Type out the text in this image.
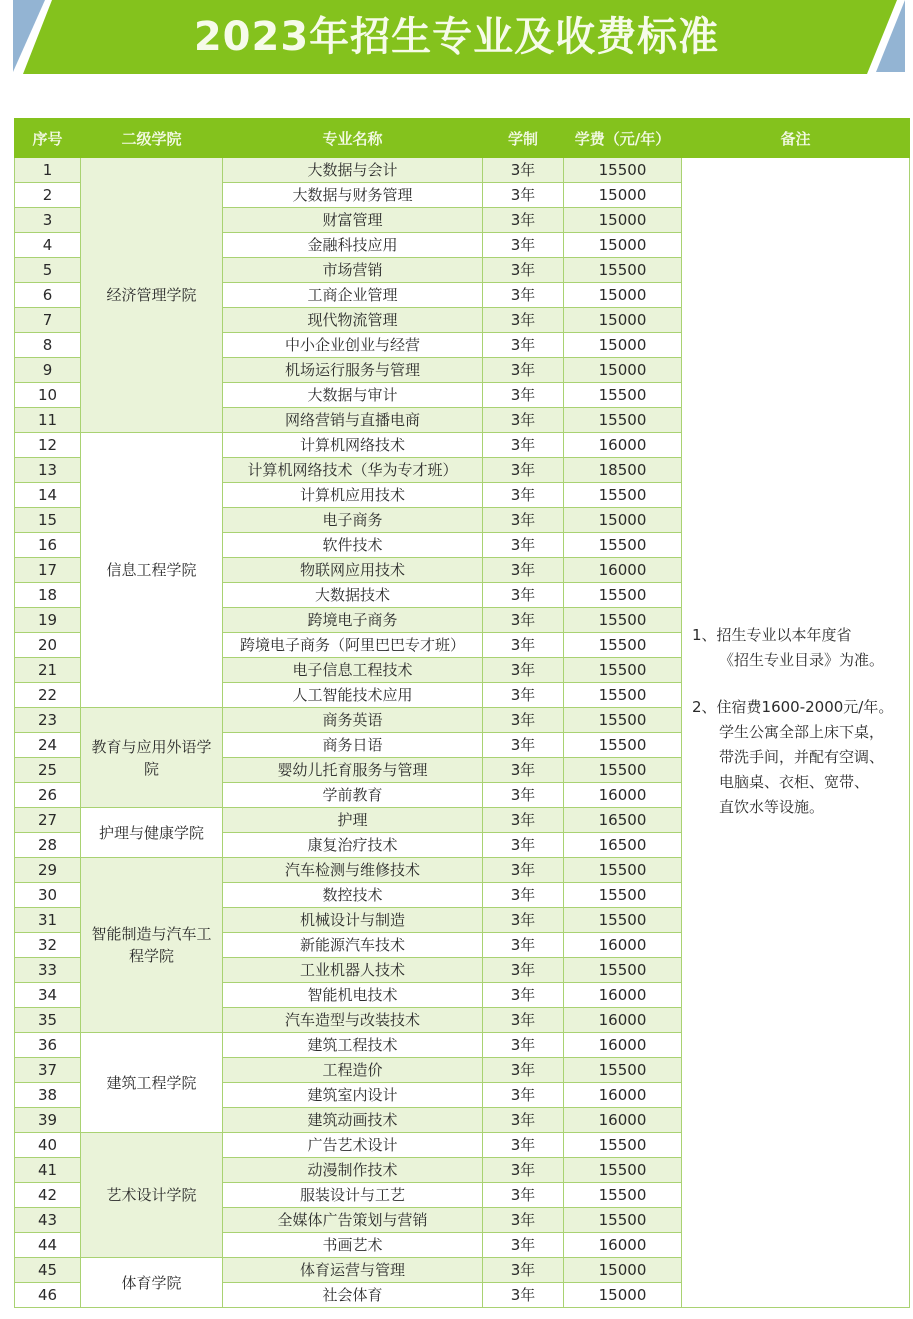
2023年招生专业及收费标准
序号	二级学院	专业名称	学制	学费（元/年）	备注
1	经济管理学院	大数据与会计	3年	15500	
1、招生专业以本年度省
《招生专业目录》为准。
2、住宿费1600-2000元/年。
学生公寓全部上床下桌，
带洗手间，并配有空调、
电脑桌、衣柜、宽带、
直饮水等设施。

2		大数据与财务管理	3年	15000	
3		财富管理	3年	15000	
4		金融科技应用	3年	15000	
5		市场营销	3年	15500	
6		工商企业管理	3年	15000	
7		现代物流管理	3年	15000	
8		中小企业创业与经营	3年	15000	
9		机场运行服务与管理	3年	15000	
10		大数据与审计	3年	15500	
11		网络营销与直播电商	3年	15500	
12	信息工程学院	计算机网络技术	3年	16000	
13		计算机网络技术（华为专才班）	3年	18500	
14		计算机应用技术	3年	15500	
15		电子商务	3年	15000	
16		软件技术	3年	15500	
17		物联网应用技术	3年	16000	
18		大数据技术	3年	15500	
19		跨境电子商务	3年	15500	
20		跨境电子商务（阿里巴巴专才班）	3年	15500	
21		电子信息工程技术	3年	15500	
22		人工智能技术应用	3年	15500	
23	教育与应用外语学院	商务英语	3年	15500	
24		商务日语	3年	15500	
25		婴幼儿托育服务与管理	3年	15500	
26		学前教育	3年	16000	
27	护理与健康学院	护理	3年	16500	
28		康复治疗技术	3年	16500	
29	智能制造与汽车工程学院	汽车检测与维修技术	3年	15500	
30		数控技术	3年	15500	
31		机械设计与制造	3年	15500	
32		新能源汽车技术	3年	16000	
33		工业机器人技术	3年	15500	
34		智能机电技术	3年	16000	
35		汽车造型与改装技术	3年	16000	
36	建筑工程学院	建筑工程技术	3年	16000	
37		工程造价	3年	15500	
38		建筑室内设计	3年	16000	
39		建筑动画技术	3年	16000	
40	艺术设计学院	广告艺术设计	3年	15500	
41		动漫制作技术	3年	15500	
42		服装设计与工艺	3年	15500	
43		全媒体广告策划与营销	3年	15500	
44		书画艺术	3年	16000	
45	体育学院	体育运营与管理	3年	15000	
46		社会体育	3年	15000	
